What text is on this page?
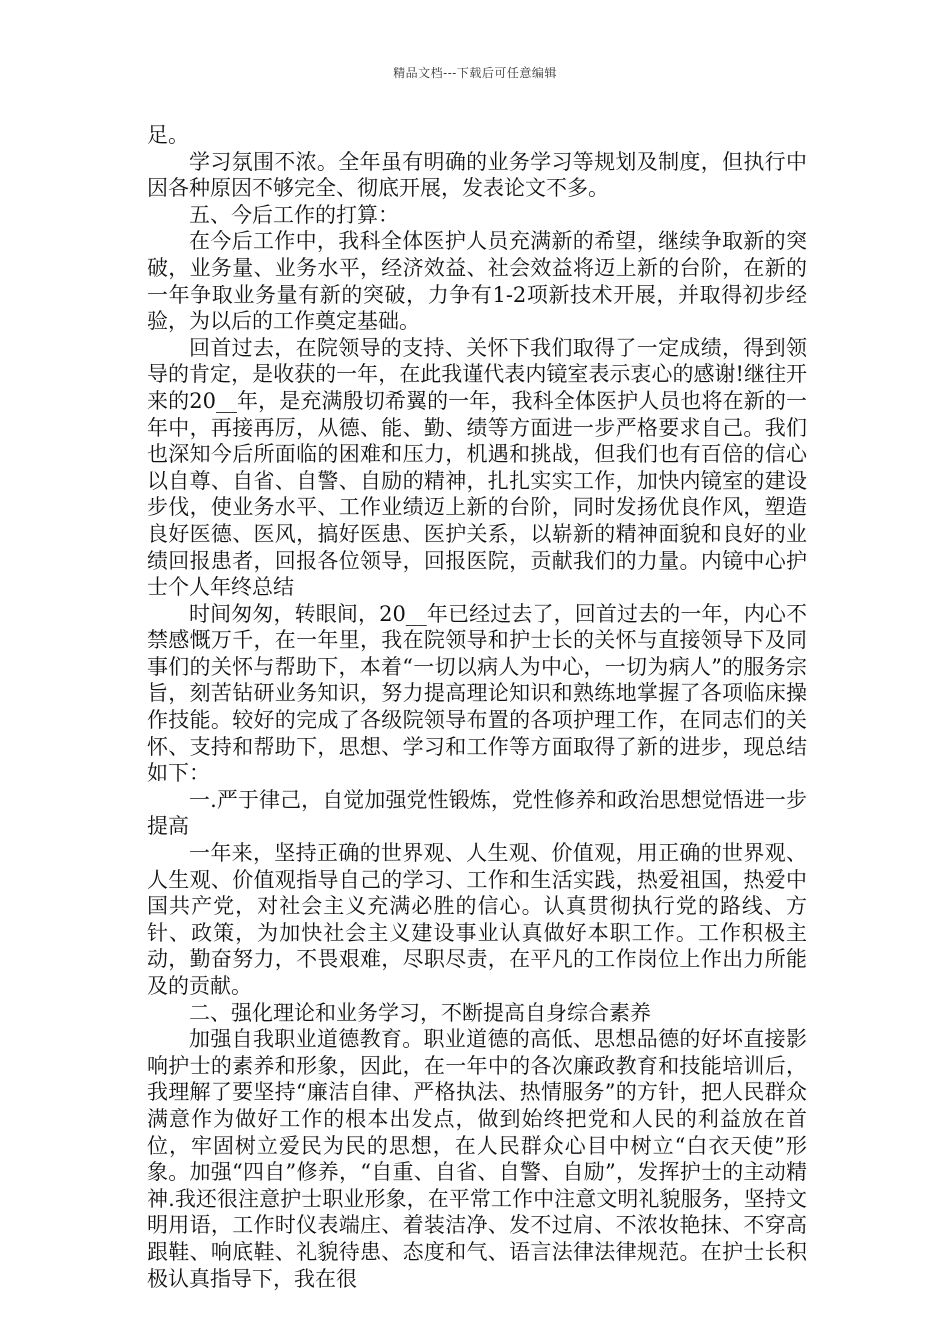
精品文档---下载后可任意编辑

足。

学习氛围不浓。全年虽有明确的业务学习等规划及制度，但执行中因各种原因不够完全、彻底开展，发表论文不多。

五、今后工作的打算：

在今后工作中，我科全体医护人员充满新的希望，继续争取新的突破，业务量、业务水平，经济效益、社会效益将迈上新的台阶，在新的一年争取业务量有新的突破，力争有1-2项新技术开展，并取得初步经验，为以后的工作奠定基础。

回首过去，在院领导的支持、关怀下我们取得了一定成绩，得到领导的肯定，是收获的一年，在此我谨代表内镜室表示衷心的感谢!继往开来的20__年，是充满殷切希翼的一年，我科全体医护人员也将在新的一年中，再接再厉，从德、能、勤、绩等方面进一步严格要求自己。我们也深知今后所面临的困难和压力，机遇和挑战，但我们也有百倍的信心以自尊、自省、自警、自励的精神，扎扎实实工作，加快内镜室的建设步伐，使业务水平、工作业绩迈上新的台阶，同时发扬优良作风，塑造良好医德、医风，搞好医患、医护关系，以崭新的精神面貌和良好的业绩回报患者，回报各位领导，回报医院，贡献我们的力量。内镜中心护士个人年终总结

时间匆匆，转眼间，20__年已经过去了，回首过去的一年，内心不禁感慨万千，在一年里，我在院领导和护士长的关怀与直接领导下及同事们的关怀与帮助下，本着“一切以病人为中心，一切为病人”的服务宗旨，刻苦钻研业务知识，努力提高理论知识和熟练地掌握了各项临床操作技能。较好的完成了各级院领导布置的各项护理工作，在同志们的关怀、支持和帮助下，思想、学习和工作等方面取得了新的进步，现总结如下：

一.严于律己，自觉加强党性锻炼，党性修养和政治思想觉悟进一步提高

一年来，坚持正确的世界观、人生观、价值观，用正确的世界观、人生观、价值观指导自己的学习、工作和生活实践，热爱祖国，热爱中国共产党，对社会主义充满必胜的信心。认真贯彻执行党的路线、方针、政策，为加快社会主义建设事业认真做好本职工作。工作积极主动，勤奋努力，不畏艰难，尽职尽责，在平凡的工作岗位上作出力所能及的贡献。

二、强化理论和业务学习，不断提高自身综合素养

加强自我职业道德教育。职业道德的高低、思想品德的好坏直接影响护士的素养和形象，因此，在一年中的各次廉政教育和技能培训后，我理解了要坚持“廉洁自律、严格执法、热情服务”的方针，把人民群众满意作为做好工作的根本出发点，做到始终把党和人民的利益放在首位，牢固树立爱民为民的思想，在人民群众心目中树立“白衣天使”形象。加强“四自”修养，“自重、自省、自警、自励”，发挥护士的主动精神.我还很注意护士职业形象，在平常工作中注意文明礼貌服务，坚持文明用语，工作时仪表端庄、着装洁净、发不过肩、不浓妆艳抹、不穿高跟鞋、响底鞋、礼貌待患、态度和气、语言法律法律规范。在护士长积极认真指导下，我在很
